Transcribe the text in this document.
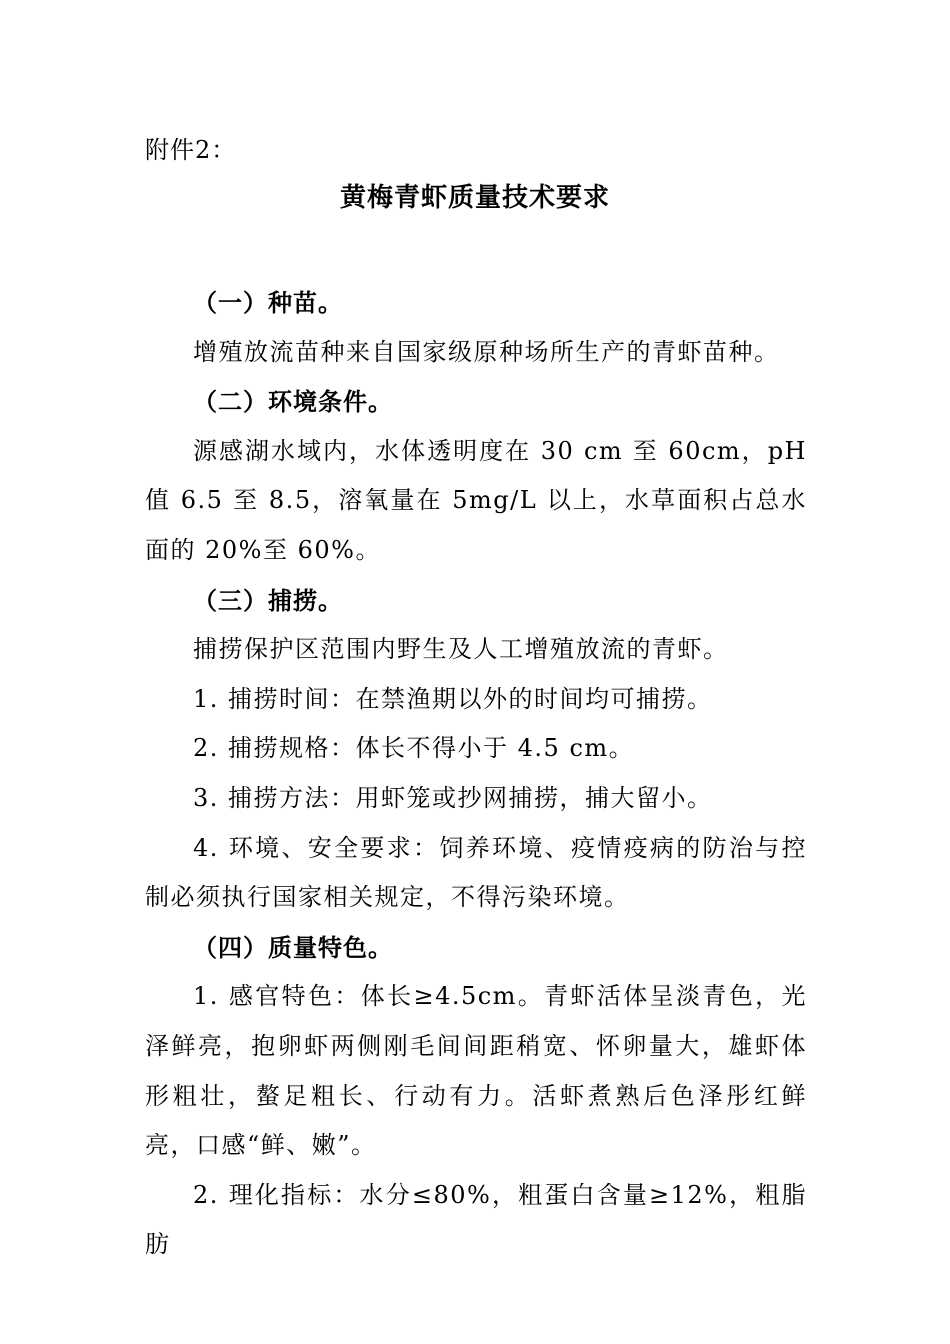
附件2：
黄梅青虾质量技术要求

（一）种苗。

增殖放流苗种来自国家级原种场所生产的青虾苗种。

（二）环境条件。

源感湖水域内，水体透明度在 30 cm 至 60cm，pH 值 6.5 至 8.5，溶氧量在 5mg/L 以上，水草面积占总水面的 20%至 60%。

（三）捕捞。

捕捞保护区范围内野生及人工增殖放流的青虾。

1. 捕捞时间：在禁渔期以外的时间均可捕捞。

2. 捕捞规格：体长不得小于 4.5 cm。

3. 捕捞方法：用虾笼或抄网捕捞，捕大留小。

4. 环境、安全要求：饲养环境、疫情疫病的防治与控制必须执行国家相关规定，不得污染环境。

（四）质量特色。

1. 感官特色：体长≥4.5cm。青虾活体呈淡青色，光泽鲜亮，抱卵虾两侧刚毛间间距稍宽、怀卵量大，雄虾体形粗壮，螯足粗长、行动有力。活虾煮熟后色泽彤红鲜亮，口感“鲜、嫩”。

2. 理化指标：水分≤80%，粗蛋白含量≥12%，粗脂肪
